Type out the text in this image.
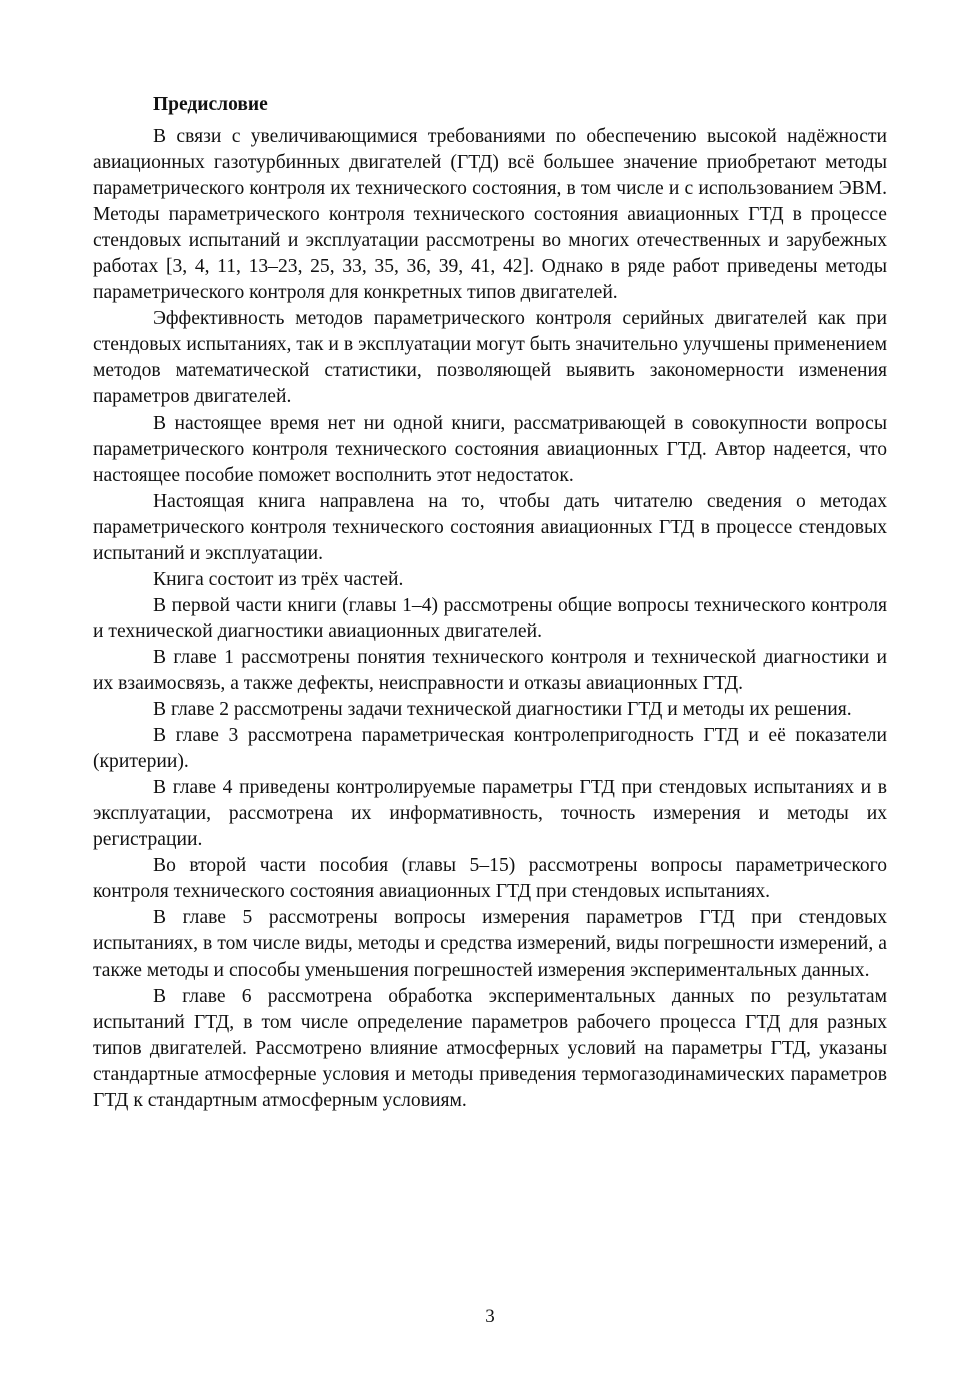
Предисловие

В связи с увеличивающимися требованиями по обеспечению высокой надёжности авиационных газотурбинных двигателей (ГТД) всё большее значение приобретают методы параметрического контроля их технического состояния, в том числе и с использованием ЭВМ. Методы параметрического контроля технического состояния авиационных ГТД в процессе стендовых испытаний и эксплуатации рассмотрены во многих отечественных и зарубежных работах [3, 4, 11, 13–23, 25, 33, 35, 36, 39, 41, 42]. Однако в ряде работ приведены методы параметрического контроля для конкретных типов двигателей.

Эффективность методов параметрического контроля серийных двигателей как при стендовых испытаниях, так и в эксплуатации могут быть значительно улучшены применением методов математической статистики, позволяющей выявить закономерности изменения параметров двигателей.

В настоящее время нет ни одной книги, рассматривающей в совокупности вопросы параметрического контроля технического состояния авиационных ГТД. Автор надеется, что настоящее пособие поможет восполнить этот недостаток.

Настоящая книга направлена на то, чтобы дать читателю сведения о методах параметрического контроля технического состояния авиационных ГТД в процессе стендовых испытаний и эксплуатации.

Книга состоит из трёх частей.

В первой части книги (главы 1–4) рассмотрены общие вопросы технического контроля и технической диагностики авиационных двигателей.

В главе 1 рассмотрены понятия технического контроля и технической диагностики и их взаимосвязь, а также дефекты, неисправности и отказы авиационных ГТД.

В главе 2 рассмотрены задачи технической диагностики ГТД и методы их решения.

В главе 3 рассмотрена параметрическая контролепригодность ГТД и её показатели (критерии).

В главе 4 приведены контролируемые параметры ГТД при стендовых испытаниях и в эксплуатации, рассмотрена их информативность, точность измерения и методы их регистрации.

Во второй части пособия (главы 5–15) рассмотрены вопросы параметрического контроля технического состояния авиационных ГТД при стендовых испытаниях.

В главе 5 рассмотрены вопросы измерения параметров ГТД при стендовых испытаниях, в том числе виды, методы и средства измерений, виды погрешности измерений, а также методы и способы уменьшения погрешностей измерения экспериментальных данных.

В главе 6 рассмотрена обработка экспериментальных данных по результатам испытаний ГТД, в том числе определение параметров рабочего процесса ГТД для разных типов двигателей. Рассмотрено влияние атмосферных условий на параметры ГТД, указаны стандартные атмосферные условия и методы приведения термогазодинамических параметров ГТД к стандартным атмосферным условиям.

3
